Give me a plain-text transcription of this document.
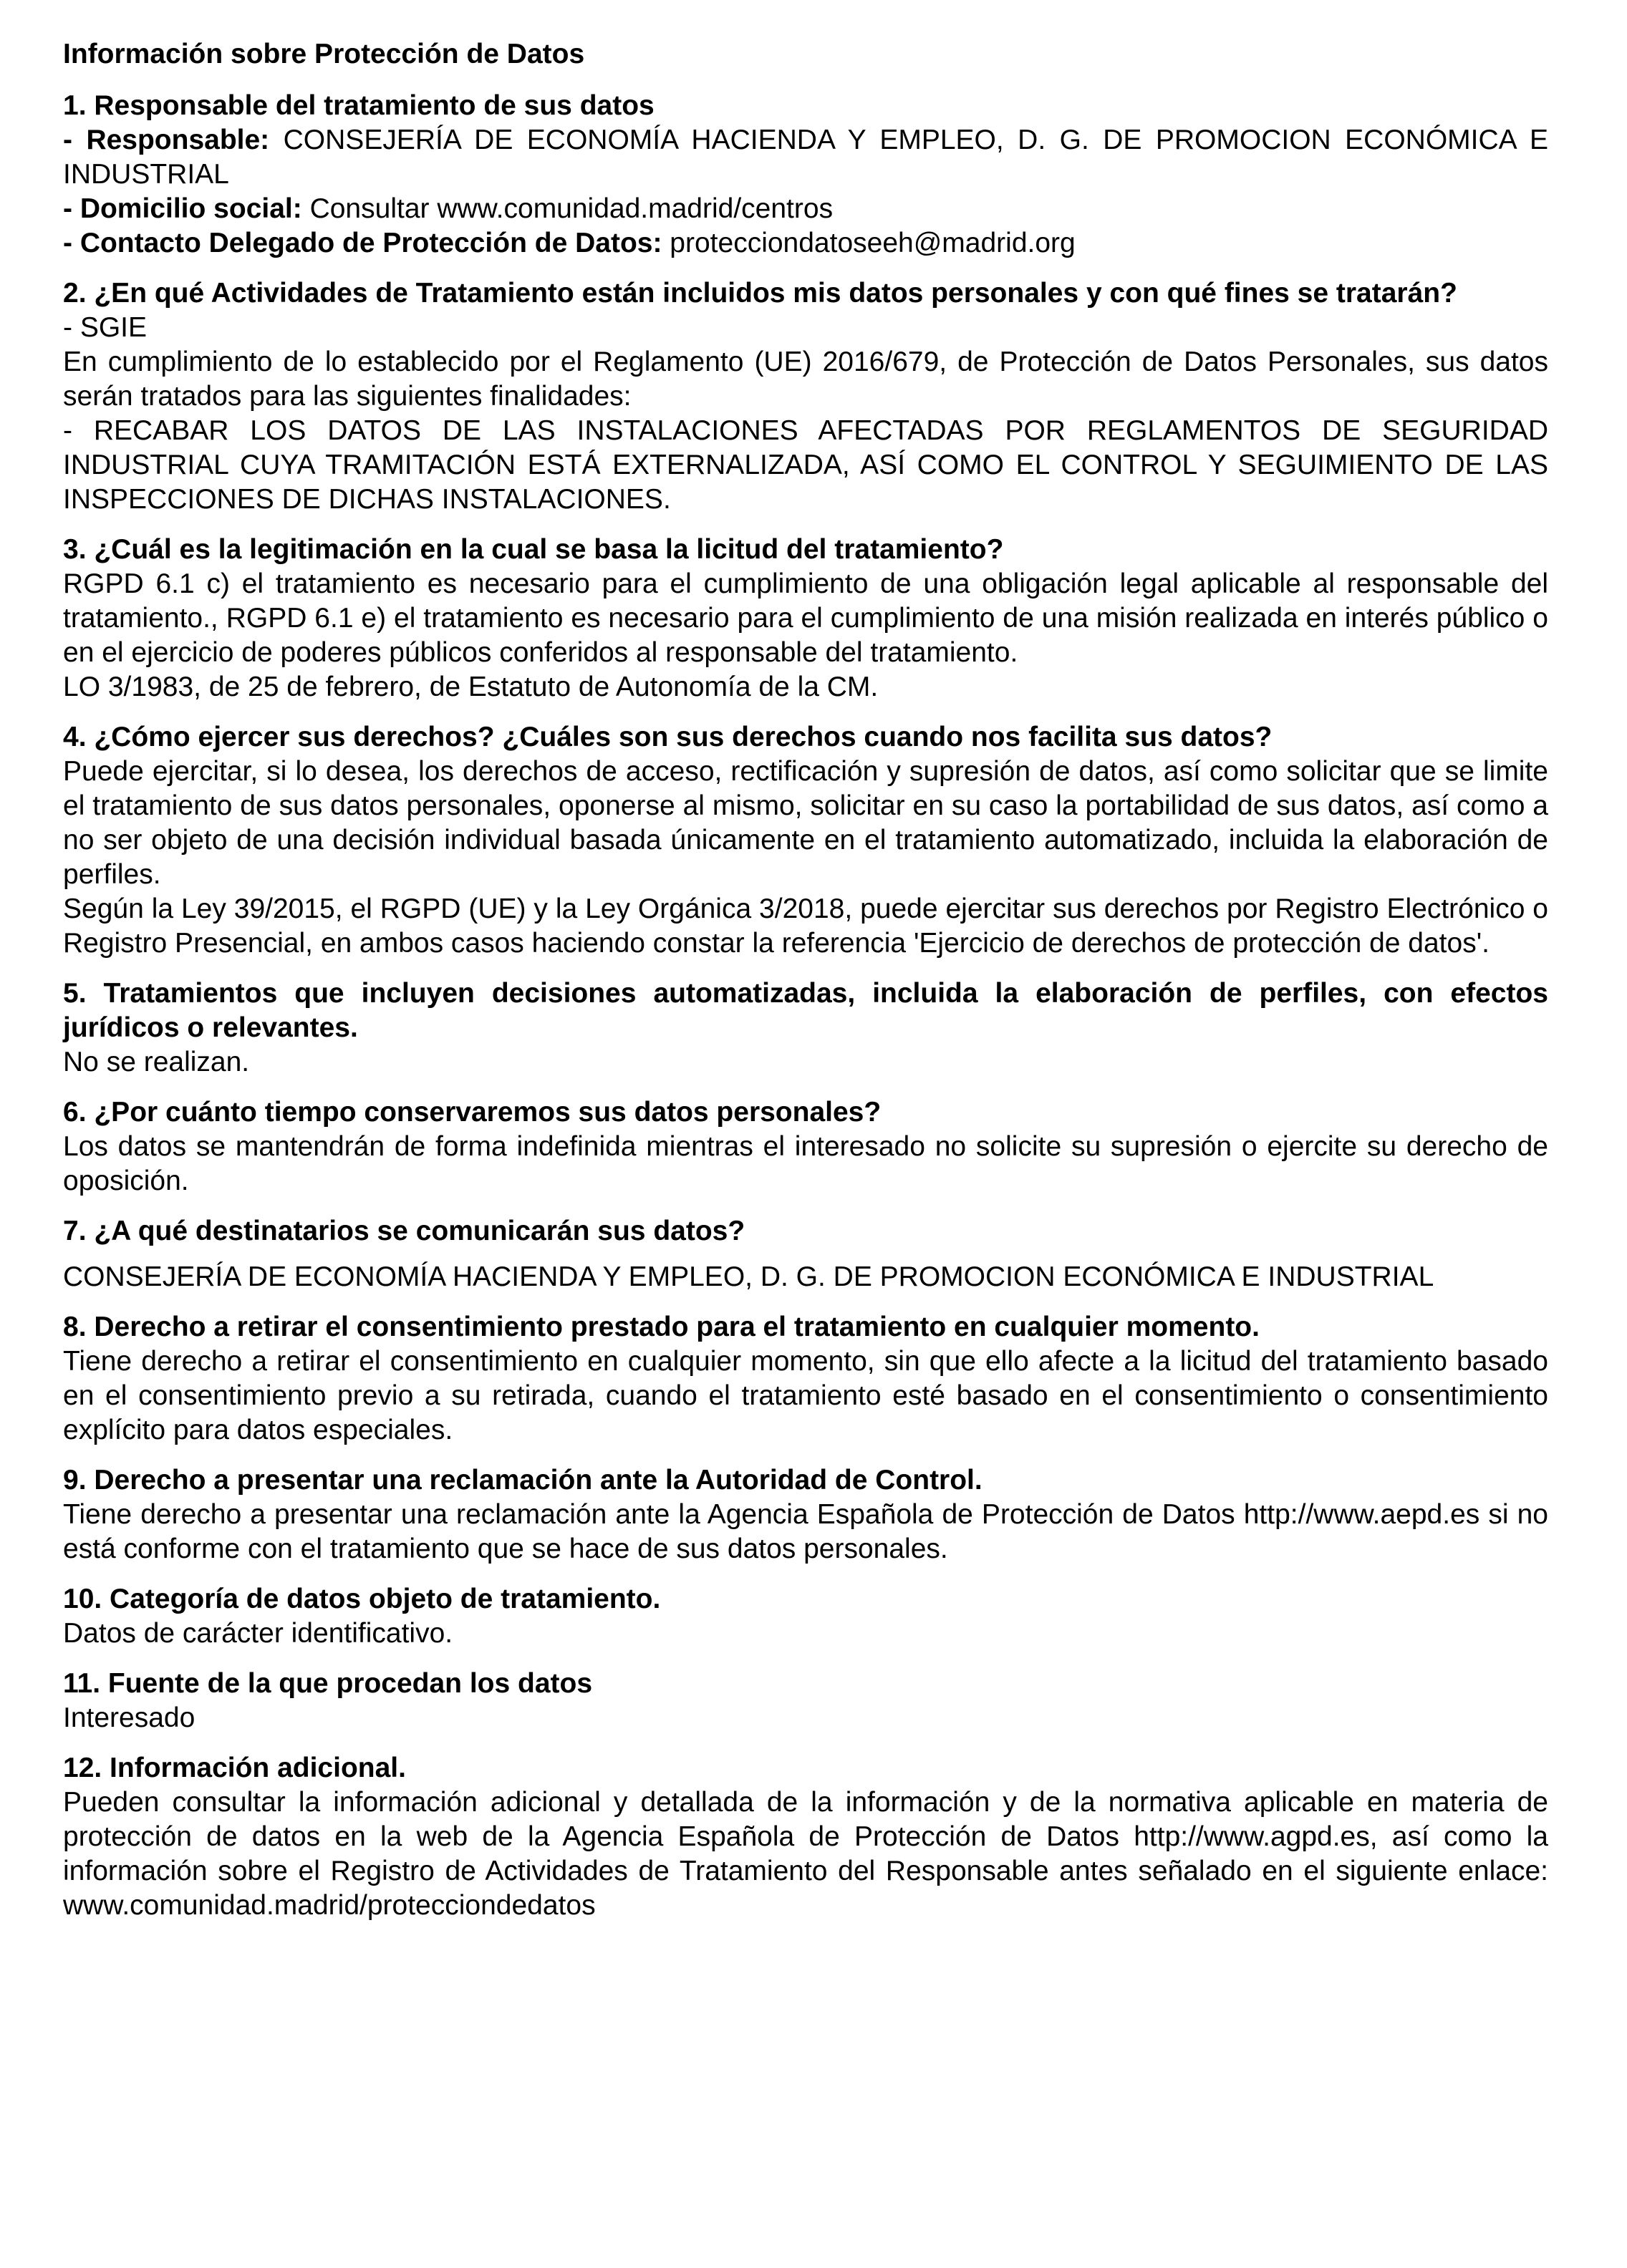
Información sobre Protección de Datos
1. Responsable del tratamiento de sus datos

- Responsable: CONSEJERÍA DE ECONOMÍA HACIENDA Y EMPLEO, D. G. DE PROMOCION ECONÓMICA E INDUSTRIAL

- Domicilio social: Consultar www.comunidad.madrid/centros

- Contacto Delegado de Protección de Datos: protecciondatoseeh@madrid.org

2. ¿En qué Actividades de Tratamiento están incluidos mis datos personales y con qué fines se tratarán?

- SGIE

En cumplimiento de lo establecido por el Reglamento (UE) 2016/679, de Protección de Datos Personales, sus datos serán tratados para las siguientes finalidades:

- RECABAR LOS DATOS DE LAS INSTALACIONES AFECTADAS POR REGLAMENTOS DE SEGURIDAD INDUSTRIAL CUYA TRAMITACIÓN ESTÁ EXTERNALIZADA, ASÍ COMO EL CONTROL Y SEGUIMIENTO DE LAS INSPECCIONES DE DICHAS INSTALACIONES.

3. ¿Cuál es la legitimación en la cual se basa la licitud del tratamiento?

RGPD 6.1 c) el tratamiento es necesario para el cumplimiento de una obligación legal aplicable al responsable del tratamiento., RGPD 6.1 e) el tratamiento es necesario para el cumplimiento de una misión realizada en interés público o en el ejercicio de poderes públicos conferidos al responsable del tratamiento.

LO 3/1983, de 25 de febrero, de Estatuto de Autonomía de la CM.

4. ¿Cómo ejercer sus derechos? ¿Cuáles son sus derechos cuando nos facilita sus datos?

Puede ejercitar, si lo desea, los derechos de acceso, rectificación y supresión de datos, así como solicitar que se limite el tratamiento de sus datos personales, oponerse al mismo, solicitar en su caso la portabilidad de sus datos, así como a no ser objeto de una decisión individual basada únicamente en el tratamiento automatizado, incluida la elaboración de perfiles.

Según la Ley 39/2015, el RGPD (UE) y la Ley Orgánica 3/2018, puede ejercitar sus derechos por Registro Electrónico o Registro Presencial, en ambos casos haciendo constar la referencia 'Ejercicio de derechos de protección de datos'.

5. Tratamientos que incluyen decisiones automatizadas, incluida la elaboración de perfiles, con efectos jurídicos o relevantes.

No se realizan.

6. ¿Por cuánto tiempo conservaremos sus datos personales?

Los datos se mantendrán de forma indefinida mientras el interesado no solicite su supresión o ejercite su derecho de oposición.

7. ¿A qué destinatarios se comunicarán sus datos?

CONSEJERÍA DE ECONOMÍA HACIENDA Y EMPLEO, D. G. DE PROMOCION ECONÓMICA E INDUSTRIAL

8. Derecho a retirar el consentimiento prestado para el tratamiento en cualquier momento.

Tiene derecho a retirar el consentimiento en cualquier momento, sin que ello afecte a la licitud del tratamiento basado en el consentimiento previo a su retirada, cuando el tratamiento esté basado en el consentimiento o consentimiento explícito para datos especiales.

9. Derecho a presentar una reclamación ante la Autoridad de Control.

Tiene derecho a presentar una reclamación ante la Agencia Española de Protección de Datos http://www.aepd.es si no está conforme con el tratamiento que se hace de sus datos personales.

10. Categoría de datos objeto de tratamiento.

Datos de carácter identificativo.

11. Fuente de la que procedan los datos

Interesado

12. Información adicional.

Pueden consultar la información adicional y detallada de la información y de la normativa aplicable en materia de protección de datos en la web de la Agencia Española de Protección de Datos http://www.agpd.es, así como la información sobre el Registro de Actividades de Tratamiento del Responsable antes señalado en el siguiente enlace: www.comunidad.madrid/protecciondedatos
